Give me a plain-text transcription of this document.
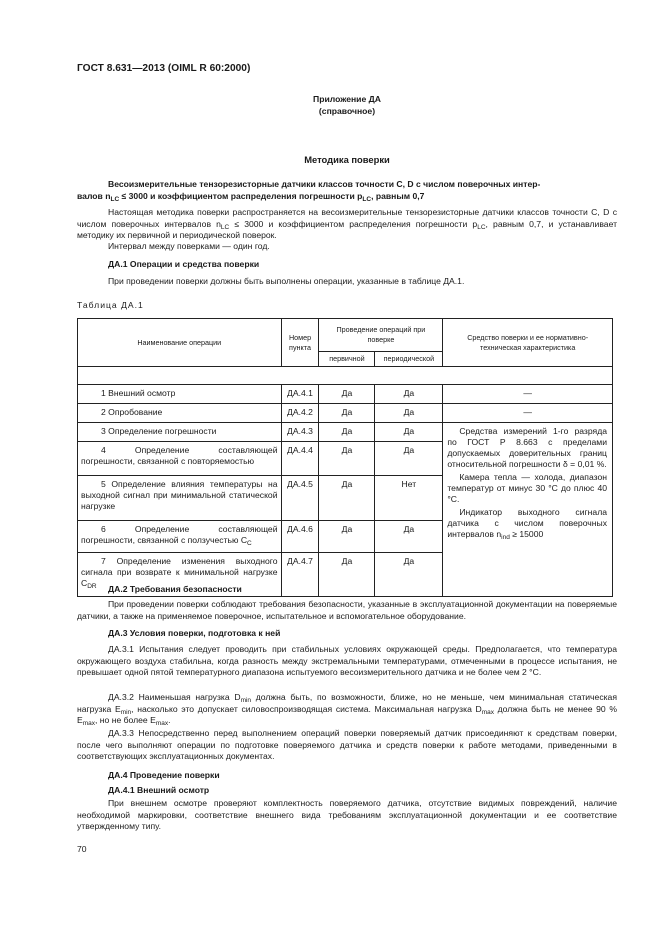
ГОСТ 8.631—2013 (OIML R 60:2000)
Приложение ДА
(справочное)
Методика поверки
Весоизмерительные тензорезисторные датчики классов точности С, D с числом поверочных интер-
валов $n_{LC} \le 3000$ и коэффициентом распределения погрешности $p_{LC}$, равным 0,7
Настоящая методика поверки распространяется на весоизмерительные тензорезисторные датчики классов точности С, D с числом поверочных интервалов $n_{LC} \le 3000$ и коэффициентом распределения погрешности $p_{LC}$, равным 0,7, и устанавливает методику их первичной и периодической поверок.
Интервал между поверками — один год.
ДА.1 Операции и средства поверки
При проведении поверки должны быть выполнены операции, указанные в таблице ДА.1.
Таблица ДА.1
Наименование операции	Номер пункта	Проведение операций при поверке		Средство поверки и ее нормативно-техническая характеристика
		первичной	периодической	

1 Внешний осмотр	ДА.4.1	Да	Да	—

2 Опробование	ДА.4.2	Да	Да	—

3 Определение погрешности	ДА.4.3	Да	Да	Средства измерений 1-го разряда по ГОСТ Р 8.663 с пределами допускаемых доверительных границ относительной погрешности δ = 0,01 %.

Камера тепла — холода, диапазон температур от минус 30 °С до плюс 40 °С.

Индикатор выходного сигнала датчика с числом поверочных интервалов $n_{ind} \ge 15000$

4 Определение составляющей погрешности, связанной с повторяемостью	ДА.4.4	Да	Да	

5 Определение влияния температуры на выходной сигнал при минимальной статической нагрузке	ДА.4.5	Да	Нет	

6 Определение составляющей погрешности, связанной с ползучестью $C_C$	ДА.4.6	Да	Да	

7 Определение изменения выходного сигнала при возврате к минимальной нагрузке $C_{DR}$	ДА.4.7	Да	Да	
ДА.2 Требования безопасности
При проведении поверки соблюдают требования безопасности, указанные в эксплуатационной документации на поверяемые датчики, а также на применяемое поверочное, испытательное и вспомогательное оборудование.
ДА.3 Условия поверки, подготовка к ней
ДА.3.1 Испытания следует проводить при стабильных условиях окружающей среды. Предполагается, что температура окружающего воздуха стабильна, когда разность между экстремальными температурами, отмеченными в процессе испытания, не превышает одной пятой температурного диапазона испытуемого весоизмерительного датчика и не более чем 2 °С.
ДА.3.2 Наименьшая нагрузка $D_{min}$ должна быть, по возможности, ближе, но не меньше, чем минимальная статическая нагрузка $E_{min}$, насколько это допускает силовоспроизводящая система. Максимальная нагрузка $D_{max}$ должна быть не менее 90 % $E_{max}$, но не более $E_{max}$.
ДА.3.3 Непосредственно перед выполнением операций поверки поверяемый датчик присоединяют к средствам поверки, после чего выполняют операции по подготовке поверяемого датчика и средств поверки к работе методами, приведенными в соответствующих эксплуатационных документах.
ДА.4 Проведение поверки
ДА.4.1 Внешний осмотр
При внешнем осмотре проверяют комплектность поверяемого датчика, отсутствие видимых повреждений, наличие необходимой маркировки, соответствие внешнего вида требованиям эксплуатационной документации и ее соответствие утвержденному типу.
70
